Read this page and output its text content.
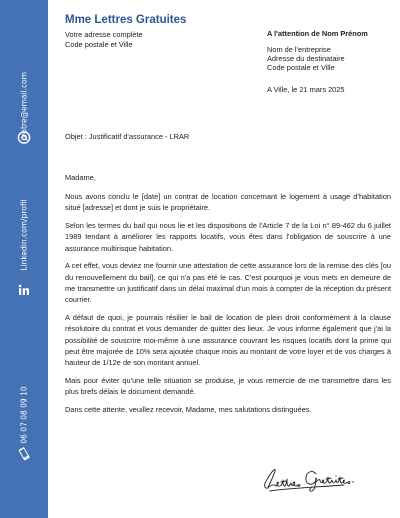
votre@email.com
Linkedin.com/profil
06 07 08 09 10
Mme Lettres Gratuites
Votre adresse complète
Code postale et Ville
A l'attention de Nom Prénom
Nom de l'entreprise
Adresse du destinataire
Code postale et Ville
A Ville, le 21 mars 2025
Objet : Justificatif d'assurance - LRAR

Madame,

Nous avons conclu le [date] un contrat de location concernant le logement à usage d'habitation situé [adresse] et dont je suis le propriétaire.

Selon les termes du bail qui nous lie et les dispositions de l'Article 7 de la Loi n° 89-462 du 6 juillet 1989 tendant à améliorer les rapports locatifs, vous êtes dans l'obligation de souscrire à une assurance multirisque habitation.

A cet effet, vous deviez me fournir une attestation de cette assurance lors de la remise des clés [ou du renouvellement du bail], ce qui n'a pas été le cas. C'est pourquoi je vous mets en demeure de me transmettre un justificatif dans un délai maximal d'un mois à compter de la réception du présent courrier.

A défaut de quoi, je pourrais résilier le bail de location de plein droit conformément à la clause résolutoire du contrat et vous demander de quitter des lieux. Je vous informe également que j'ai la possibilité de souscrire moi-même à une assurance couvrant les risques locatifs dont la prime qui peut être majorée de 10% sera ajoutée chaque mois au montant de votre loyer et de vos charges à hauteur de 1/12e de son montant annuel.

Mais pour éviter qu'une telle situation se produise, je vous remercie de me transmettre dans les plus brefs délais le document demandé.

Dans cette attente, veuillez recevoir, Madame, mes salutations distinguées.
